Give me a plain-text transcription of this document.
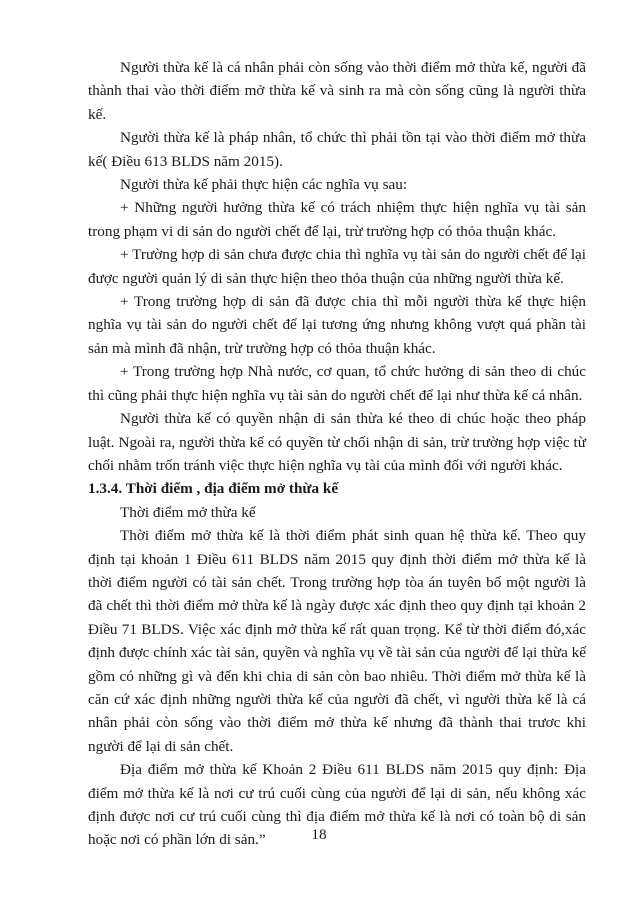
Người thừa kế là cá nhân phải còn sống vào thời điểm mở thừa kế, người đã thành thai vào thời điểm mở thừa kế và sinh ra mà còn sống cũng là người thừa kế.

Người thừa kế là pháp nhân, tổ chức thì phải tồn tại vào thời điểm mở thừa kế( Điều 613 BLDS năm 2015).

Người thừa kế phải thực hiện các nghĩa vụ sau:

+ Những người hưởng thừa kế có trách nhiệm thực hiện nghĩa vụ tài sản trong phạm vi di sản do người chết để lại, trừ trường hợp có thỏa thuận khác.

+ Trường hợp di sản chưa được chia thì nghĩa vụ tài sản do người chết để lại được người quản lý di sản thực hiện theo thỏa thuận của những người thừa kế.

+ Trong trường hợp di sản đã được chia thì mỗi người thừa kế thực hiện nghĩa vụ tài sản do người chết để lại tương ứng nhưng không vượt quá phần tài sản mà mình đã nhận, trừ trường hợp có thỏa thuận khác.

+ Trong trường hợp Nhà nước, cơ quan, tổ chức hưởng di sản theo di chúc thì cũng phải thực hiện nghĩa vụ tài sản do người chết để lại như thừa kế cá nhân.

Người thừa kế có quyền nhận di sản thừa ké theo di chúc hoặc theo pháp luật. Ngoài ra, người thừa kế có quyền từ chối nhận di sản, trừ trường hợp việc từ chối nhằm trốn tránh việc thực hiện nghĩa vụ tài của mình đối với người khác.

1.3.4. Thời điểm , địa điểm mở thừa kế

Thời điểm mở thừa kế

Thời điểm mở thừa kế là thời điểm phát sinh quan hệ thừa kế. Theo quy định tại khoản 1 Điều 611 BLDS năm 2015 quy định thời điểm mở thừa kế là thời điểm người có tài sản chết. Trong trường hợp tòa án tuyên bố một người là đã chết thì thời điểm mở thừa kế là ngày được xác định theo quy định tại khoản 2 Điều 71 BLDS. Việc xác định mở thừa kế rất quan trọng. Kể từ thời điểm đó,xác định được chính xác tài sản, quyền và nghĩa vụ về tài sản của người để lại thừa kế gồm có những gì và đến khi chia di sản còn bao nhiêu. Thời điểm mở thừa kế là căn cứ xác định những người thừa kế của người đã chết, vì người thừa kế là cá nhân phải còn sống vào thời điểm mở thừa kế nhưng đã thành thai trươc khi người để lại di sản chết.

Địa điểm mở thừa kế Khoản 2 Điều 611 BLDS năm 2015 quy định: Địa điểm mở thừa kế là nơi cư trú cuối cùng của người để lại di sản, nếu không xác định được nơi cư trú cuối cùng thì địa điểm mở thừa kế là nơi có toàn bộ di sản hoặc nơi có phần lớn di sản.”	18
